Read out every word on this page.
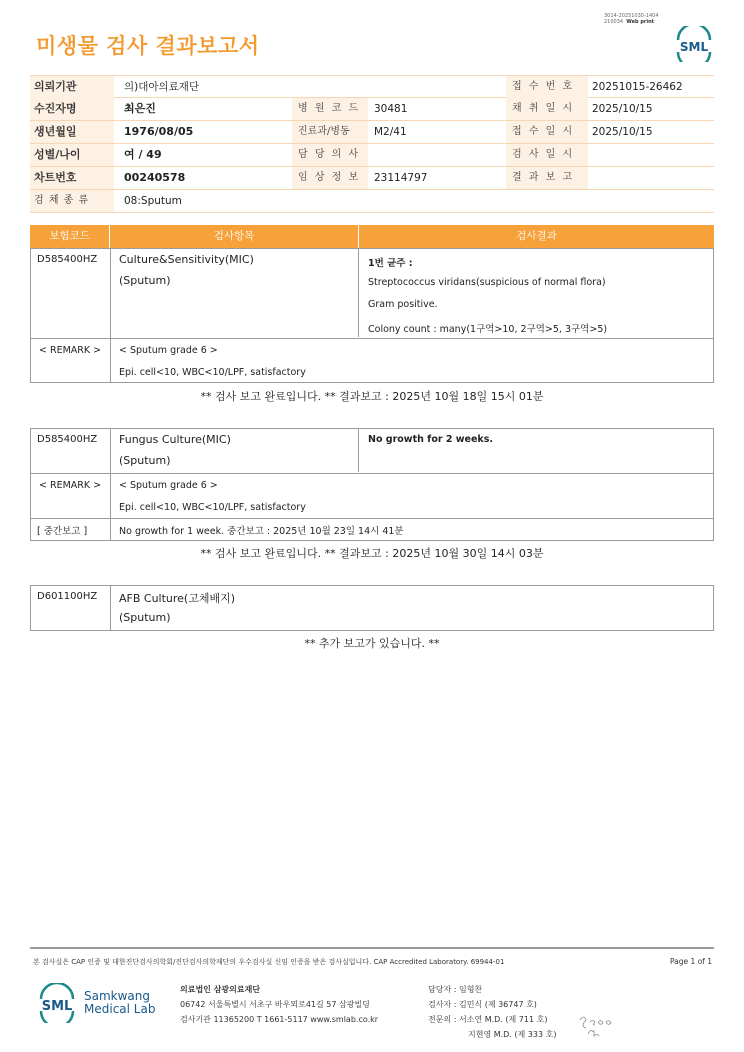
3014-20251030-1404
210034 Web print
미생물 검사 결과보고서	SML
의뢰기관	의)대아의료재단	접 수 번 호	20251015-26462
수진자명	최은진	병 원 코 드	30481	채 취 일 시	2025/10/15
생년월일	1976/08/05	진료과/병동	M2/41	접 수 일 시	2025/10/15
성별/나이	여 / 49	담 당 의 사	검 사 일 시
차트번호	00240578	임 상 정 보	23114797	결 과 보 고
검 체 종 류	08:Sputum
보험코드	검사항목	검사결과
D585400HZ Culture&Sensitivity(MIC)
(Sputum)
1번 균주 :
Streptococcus viridans(suspicious of normal flora)
Gram positive.
Colony count : many(1구역>10, 2구역>5, 3구역>5)
< REMARK > < Sputum grade 6 >
Epi. cell<10, WBC<10/LPF, satisfactory
** 검사 보고 완료입니다. ** 결과보고 : 2025년 10월 18일 15시 01분
D585400HZ Fungus Culture(MIC)
(Sputum)
No growth for 2 weeks.
< REMARK > < Sputum grade 6 >
Epi. cell<10, WBC<10/LPF, satisfactory
[ 중간보고 ]	No growth for 1 week. 중간보고 : 2025년 10월 23일 14시 41분
** 검사 보고 완료입니다. ** 결과보고 : 2025년 10월 30일 14시 03분
D601100HZ AFB Culture(고체배지)
(Sputum)
** 추가 보고가 있습니다. **
본 검사실은 CAP 인증 및 대한진단검사의학회/진단검사의학재단의 우수검사실 신임 인증을 받은 검사실입니다. CAP Accredited Laboratory. 69944-01	Page 1 of 1
SML
Samkwang
Medical Lab
의료법인 삼광의료재단
06742 서울특별시 서초구 바우뫼로41길 57 삼광빌딩
검사기관 11365200 T 1661-5117 www.smlab.co.kr
담당자 : 임형찬
검사자 : 김민식 (제 36747 호)
전문의 : 서소연 M.D. (제 711 호)
지현영 M.D. (제 333 호)
